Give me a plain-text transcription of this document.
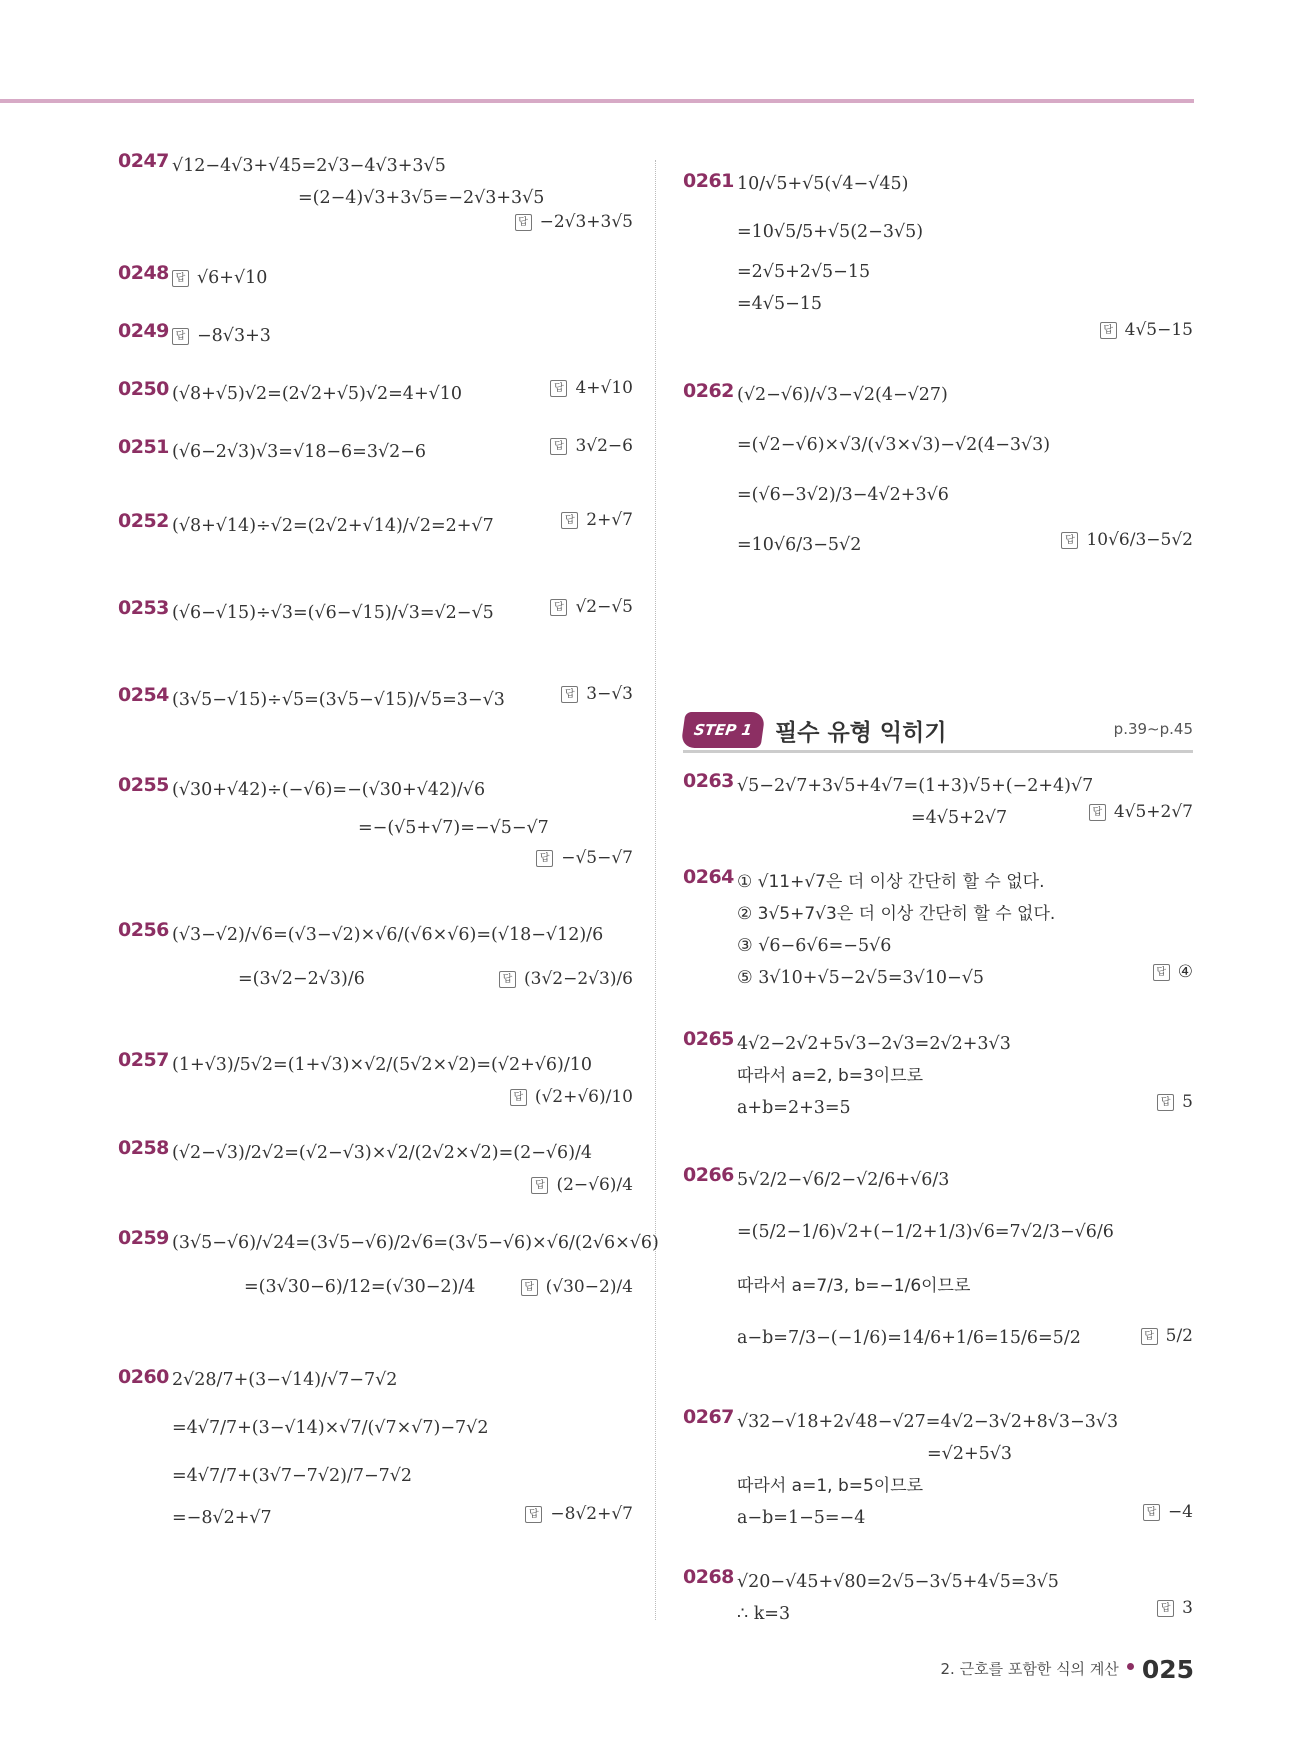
0247 √12−4√3+√45=2√3−4√3+3√5
=(2−4)√3+3√5=−2√3+3√5
답 −2√3+3√5
0248 답 √6+√10
0249 답 −8√3+3
0250 (√8+√5)√2=(2√2+√5)√2=4+√10	답 4+√10
0251 (√6−2√3)√3=√18−6=3√2−6	답 3√2−6
0252 (√8+√14)÷√2=(2√2+√14)/√2=2+√7	답 2+√7
0253 (√6−√15)÷√3=(√6−√15)/√3=√2−√5	답 √2−√5
0254 (3√5−√15)÷√5=(3√5−√15)/√5=3−√3	답 3−√3
0255 (√30+√42)÷(−√6)=−(√30+√42)/√6
=−(√5+√7)=−√5−√7
답 −√5−√7
0256 (√3−√2)/√6=(√3−√2)×√6/(√6×√6)=(√18−√12)/6
=(3√2−2√3)/6	답 (3√2−2√3)/6
0257 (1+√3)/5√2=(1+√3)×√2/(5√2×√2)=(√2+√6)/10
답 (√2+√6)/10
0258 (√2−√3)/2√2=(√2−√3)×√2/(2√2×√2)=(2−√6)/4
답 (2−√6)/4
0259 (3√5−√6)/√24=(3√5−√6)/2√6=(3√5−√6)×√6/(2√6×√6)
=(3√30−6)/12=(√30−2)/4	답 (√30−2)/4
0260 2√28/7+(3−√14)/√7−7√2
=4√7/7+(3−√14)×√7/(√7×√7)−7√2
=4√7/7+(3√7−7√2)/7−7√2
=−8√2+√7	답 −8√2+√7
0261 10/√5+√5(√4−√45)
=10√5/5+√5(2−3√5)
=2√5+2√5−15
=4√5−15
답 4√5−15
0262 (√2−√6)/√3−√2(4−√27)
=(√2−√6)×√3/(√3×√3)−√2(4−3√3)
=(√6−3√2)/3−4√2+3√6
=10√6/3−5√2	답 10√6/3−5√2
STEP 1 필수 유형 익히기	p.39∼p.45
0263 √5−2√7+3√5+4√7=(1+3)√5+(−2+4)√7
=4√5+2√7	답 4√5+2√7
0264 ① √11+√7은 더 이상 간단히 할 수 없다.
② 3√5+7√3은 더 이상 간단히 할 수 없다.
③ √6−6√6=−5√6
⑤ 3√10+√5−2√5=3√10−√5	답 ④
0265 4√2−2√2+5√3−2√3=2√2+3√3
따라서 a=2, b=3이므로
a+b=2+3=5	답 5
0266 5√2/2−√6/2−√2/6+√6/3
=(5/2−1/6)√2+(−1/2+1/3)√6=7√2/3−√6/6
따라서 a=7/3, b=−1/6이므로
a−b=7/3−(−1/6)=14/6+1/6=15/6=5/2	답 5/2
0267 √32−√18+2√48−√27=4√2−3√2+8√3−3√3
=√2+5√3
따라서 a=1, b=5이므로
a−b=1−5=−4	답 −4
0268 √20−√45+√80=2√5−3√5+4√5=3√5
∴ k=3	답 3
2. 근호를 포함한 식의 계산 025
